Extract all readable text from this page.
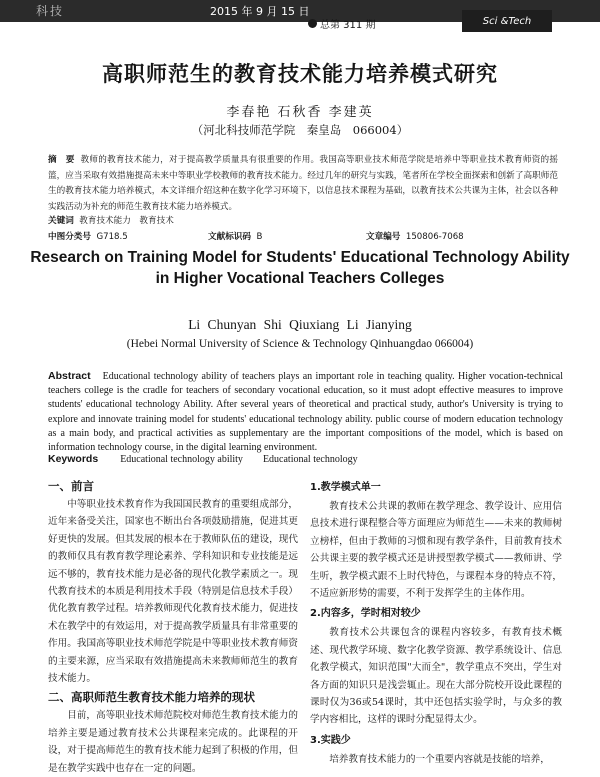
科技	2015 年 9 月 15 日
总第 311 期	Sci &Tech
高职师范生的教育技术能力培养模式研究
李春艳 石秋香 李建英
（河北科技师范学院　秦皇岛　066004）
摘　要 教师的教育技术能力，对于提高教学质量具有很重要的作用。我国高等职业技术师范学院是培养中等职业技术教育师资的摇篮，应当采取有效措施提高未来中等职业学校教师的教育技术能力。经过几年的研究与实践，笔者所在学校全面探索和创新了高职师范生的教育技术能力培养模式，本文详细介绍这种在数字化学习环境下，以信息技术课程为基础，以教育技术公共课为主体，社会以各种实践活动为补充的师范生教育技术能力培养模式。
关键词 教育技术能力　教育技术
中图分类号 G718.5	文献标识码 B	文章编号 150806-7068
Research on Training Model for Students' Educational Technology Ability in Higher Vocational Teachers Colleges
Li Chunyan Shi Qiuxiang Li Jianying
(Hebei Normal University of Science & Technology Qinhuangdao 066004)
Abstract Educational technology ability of teachers plays an important role in teaching quality. Higher vocation-technical teachers college is the cradle for teachers of secondary vocational education, so it must adopt effective measures to improve students' educational technology Ability. After several years of theoretical and practical study, author's University is trying to explore and innovate training model for students' educational technology ability. public course of modern education technology as a main body, and practical activities as supplementary are the important compositions of the model, which is based on information technology course, in the digital learning environment.
Keywords Educational technology ability Educational technology
一、前言

中等职业技术教育作为我国国民教育的重要组成部分，近年来备受关注，国家也不断出台各项鼓励措施，促进其更好更快的发展。但其发展的根本在于教师队伍的建设，现代的教师仅具有教育教学理论素养、学科知识和专业技能是远远不够的，教育技术能力是必备的现代化教学素质之一。现代教育技术的本质是利用技术手段（特别是信息技术手段）优化教育教学过程。培养教师现代化教育技术能力，促进技术在教学中的有效运用，对于提高教学质量具有非常重要的作用。我国高等职业技术师范学院是中等职业技术教育师资的主要来源，应当采取有效措施提高未来教师师范生的教育技术能力。

二、高职师范生教育技术能力培养的现状

目前，高等职业技术师范院校对师范生教育技术能力的培养主要是通过教育技术公共课程来完成的。此课程的开设，对于提高师范生的教育技术能力起到了积极的作用，但是在教学实践中也存在一定的问题。

1.教学模式单一

教育技术公共课的教师在教学理念、教学设计、应用信息技术进行课程整合等方面理应为师范生——未来的教师树立榜样，但由于教师的习惯和现有教学条件，目前教育技术公共课主要的教学模式还是讲授型教学模式——教师讲、学生听，教学模式跟不上时代特色，与课程本身的特点不符，不适应新形势的需要，不利于发挥学生的主体作用。

2.内容多，学时相对较少

教育技术公共课包含的课程内容较多，有教育技术概述、现代教学环境、数字化教学资源、教学系统设计、信息化教学模式，知识范围"大而全"，教学重点不突出，学生对各方面的知识只是浅尝辄止。现在大部分院校开设此课程的课时仅为36或54课时，其中还包括实验学时，与众多的教学内容相比，这样的课时分配显得太少。

3.实践少

培养教育技术能力的一个重要内容就是技能的培养，
